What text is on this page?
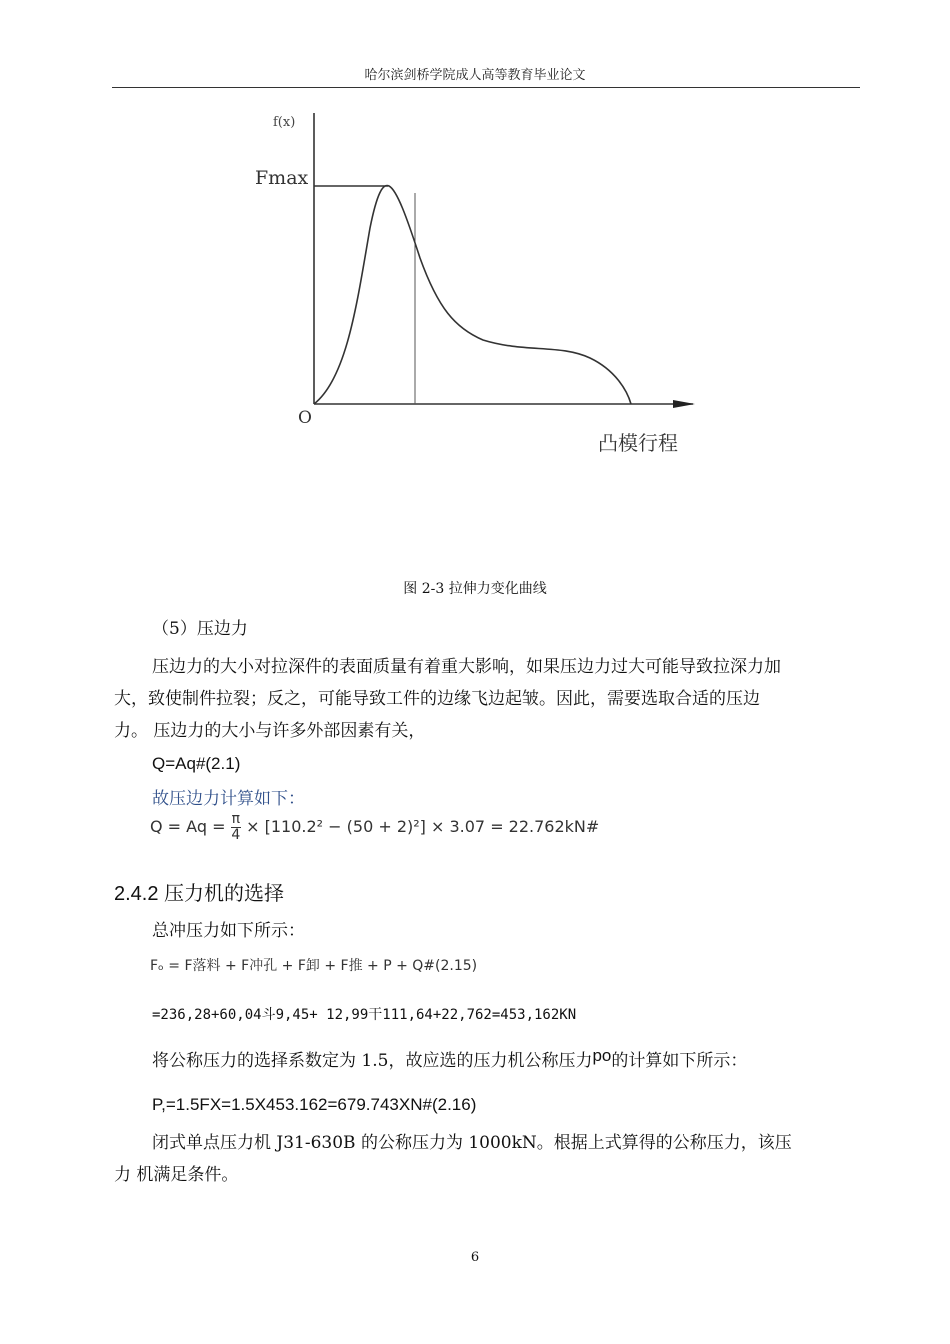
哈尔滨剑桥学院成人高等教育毕业论文
f(x)
Fmax
O
凸模行程
图 2-3 拉伸力变化曲线
（5）压边力
压边力的大小对拉深件的表面质量有着重大影响，如果压边力过大可能导致拉深力加
大，致使制件拉裂；反之，可能导致工件的边缘飞边起皱。因此，需要选取合适的压边
力。 压边力的大小与许多外部因素有关，
Q=Aq#(2.1)
故压边力计算如下：
$Q = Aq = \frac{\pi}{4} \times [110.2^2 - (50 + 2)^2] \times 3.07$ = 22.762kN#
2.4.2 压力机的选择
总冲压力如下所示：
Fₒ = F落料 + F冲孔 + F卸 + F推 + P + Q#(2.15)
=236,28+60,04斗9,45+ 12,99干111,64+22,762=453,162KN
将公称压力的选择系数定为 1.5，故应选的压力机公称压力po的计算如下所示：
P,=1.5FX=1.5X453.162=679.743XN#(2.16)
闭式单点压力机 J31-630B 的公称压力为 1000kN。根据上式算得的公称压力，该压
力 机满足条件。
6
